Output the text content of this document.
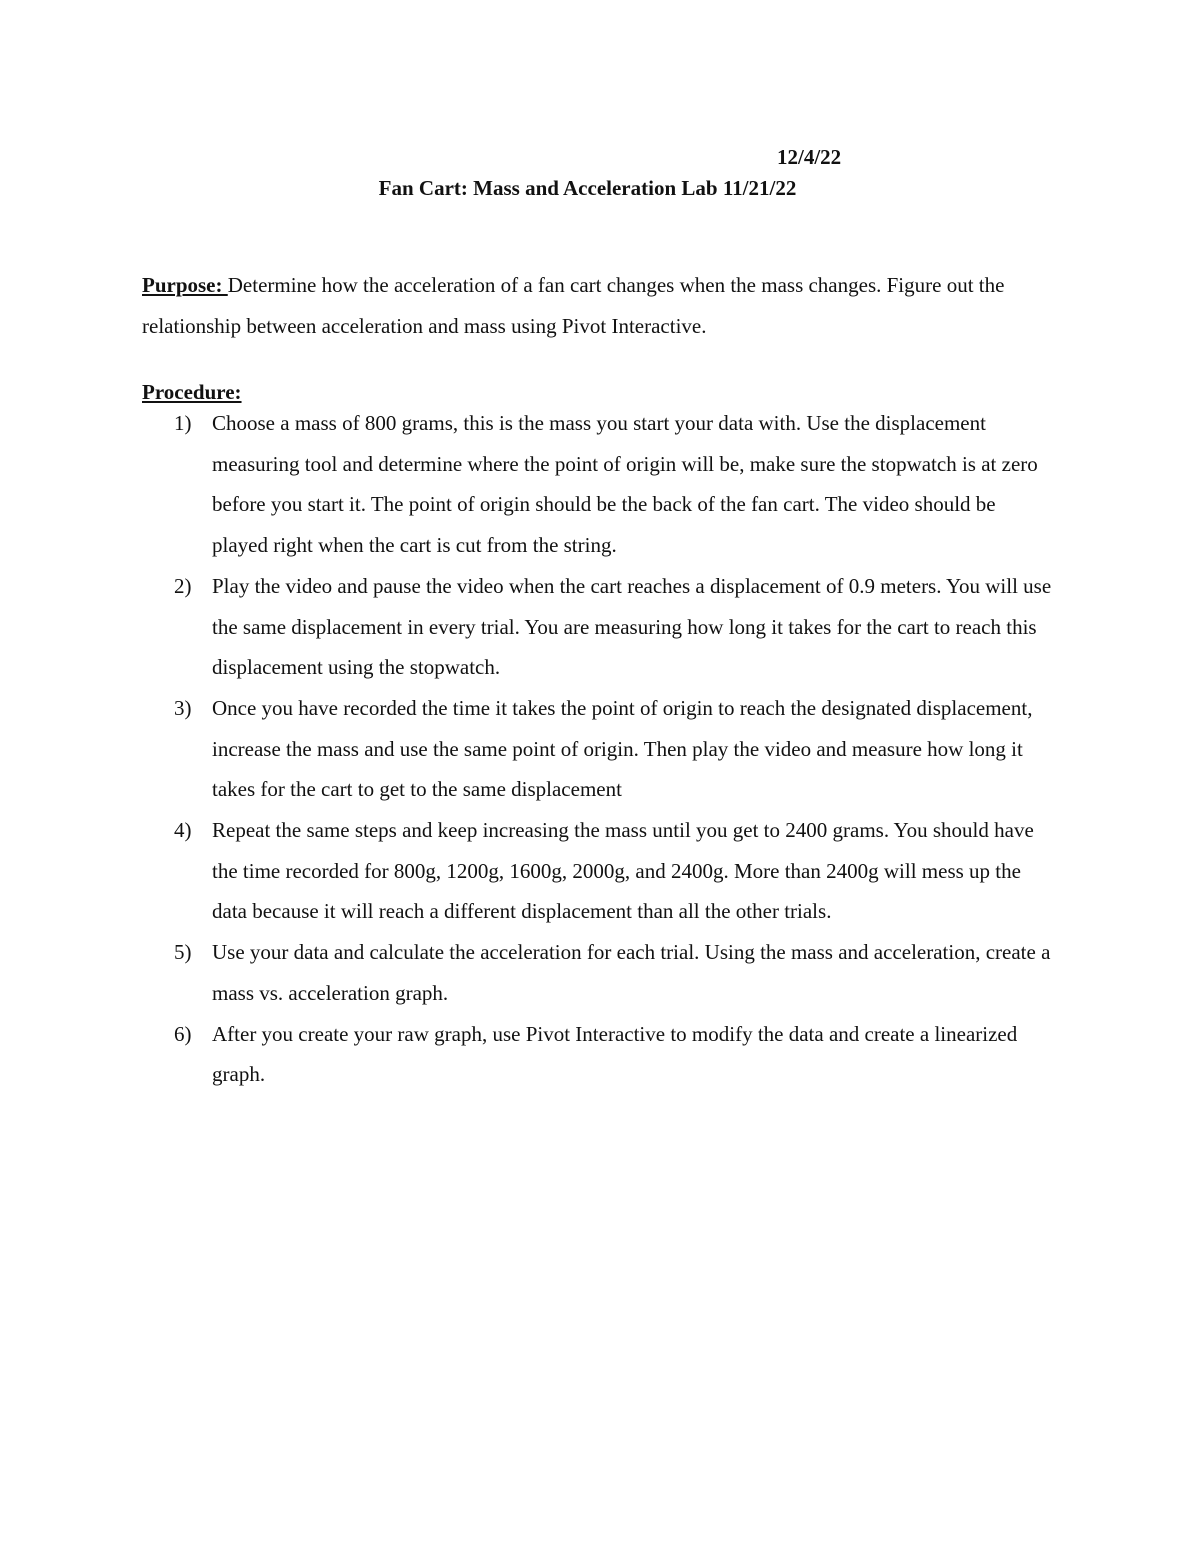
12/4/22
Fan Cart: Mass and Acceleration Lab 11/21/22
Purpose: Determine how the acceleration of a fan cart changes when the mass changes. Figure out the relationship between acceleration and mass using Pivot Interactive.
Procedure:
1) Choose a mass of 800 grams, this is the mass you start your data with. Use the displacement measuring tool and determine where the point of origin will be, make sure the stopwatch is at zero before you start it. The point of origin should be the back of the fan cart. The video should be played right when the cart is cut from the string.
2) Play the video and pause the video when the cart reaches a displacement of 0.9 meters. You will use the same displacement in every trial. You are measuring how long it takes for the cart to reach this displacement using the stopwatch.
3) Once you have recorded the time it takes the point of origin to reach the designated displacement, increase the mass and use the same point of origin. Then play the video and measure how long it takes for the cart to get to the same displacement
4) Repeat the same steps and keep increasing the mass until you get to 2400 grams. You should have the time recorded for 800g, 1200g, 1600g, 2000g, and 2400g. More than 2400g will mess up the data because it will reach a different displacement than all the other trials.
5) Use your data and calculate the acceleration for each trial. Using the mass and acceleration, create a mass vs. acceleration graph.
6) After you create your raw graph, use Pivot Interactive to modify the data and create a linearized graph.
